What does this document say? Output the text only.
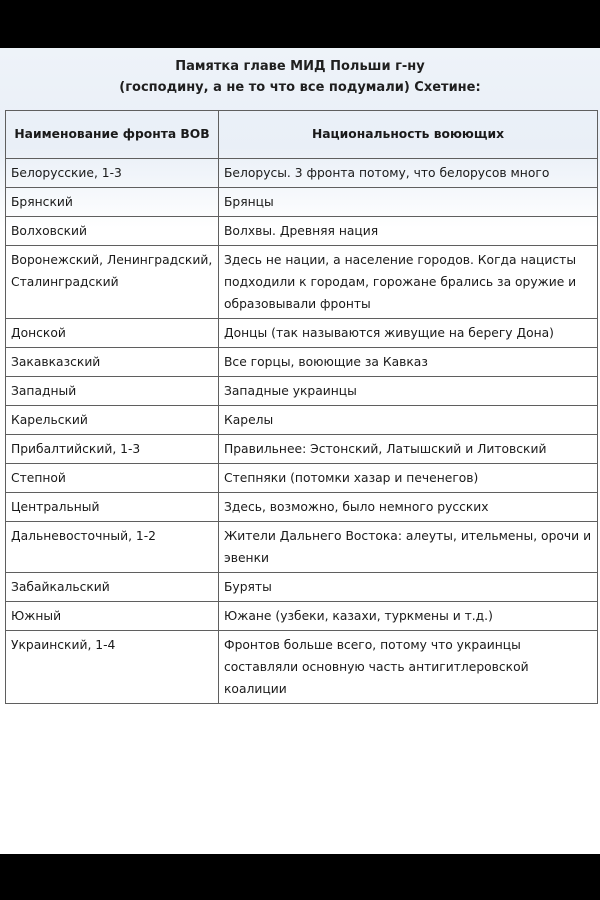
Памятка главе МИД Польши г-ну
(господину, а не то что все подумали) Схетине:
Наименование фронта ВОВ	Национальность воюющих
Белорусские, 1-3	Белорусы. 3 фронта потому, что белорусов много
Брянский	Брянцы
Волховский	Волхвы. Древняя нация
Воронежский, Ленинградский, Сталинградский	Здесь не нации, а население городов. Когда нацисты подходили к городам, горожане брались за оружие и образовывали фронты
Донской	Донцы (так называются живущие на берегу Дона)
Закавказский	Все горцы, воюющие за Кавказ
Западный	Западные украинцы
Карельский	Карелы
Прибалтийский, 1-3	Правильнее: Эстонский, Латышский и Литовский
Степной	Степняки (потомки хазар и печенегов)
Центральный	Здесь, возможно, было немного русских
Дальневосточный, 1-2	Жители Дальнего Востока: алеуты, ительмены, орочи и эвенки
Забайкальский	Буряты
Южный	Южане (узбеки, казахи, туркмены и т.д.)
Украинский, 1-4	Фронтов больше всего, потому что украинцы составляли основную часть антигитлеровской коалиции
